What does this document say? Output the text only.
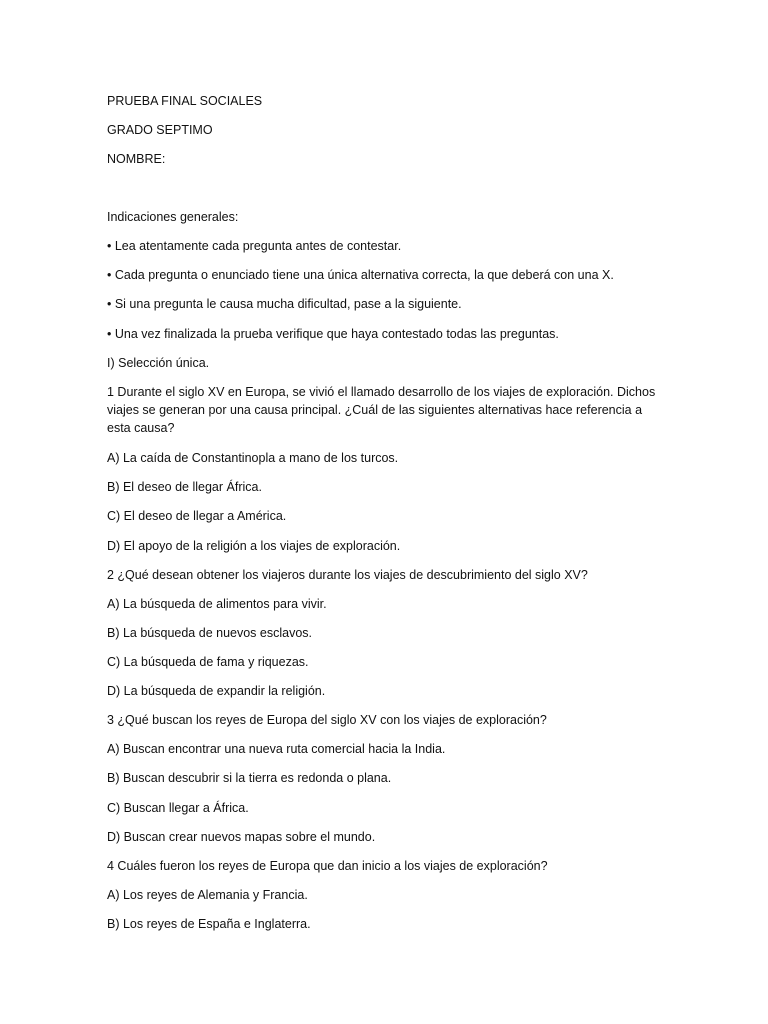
PRUEBA FINAL SOCIALES
GRADO SEPTIMO
NOMBRE:
Indicaciones generales:
• Lea atentamente cada pregunta antes de contestar.
• Cada pregunta o enunciado tiene una única alternativa correcta, la que deberá con una X.
• Si una pregunta le causa mucha dificultad, pase a la siguiente.
• Una vez finalizada la prueba verifique que haya contestado todas las preguntas.
I) Selección única.
1 Durante el siglo XV en Europa, se vivió el llamado desarrollo de los viajes de exploración. Dichos viajes se generan por una causa principal. ¿Cuál de las siguientes alternativas hace referencia a esta causa?
A) La caída de Constantinopla a mano de los turcos.
B) El deseo de llegar África.
C) El deseo de llegar a América.
D) El apoyo de la religión a los viajes de exploración.
2 ¿Qué desean obtener los viajeros durante los viajes de descubrimiento del siglo XV?
A) La búsqueda de alimentos para vivir.
B) La búsqueda de nuevos esclavos.
C) La búsqueda de fama y riquezas.
D) La búsqueda de expandir la religión.
3 ¿Qué buscan los reyes de Europa del siglo XV con los viajes de exploración?
A) Buscan encontrar una nueva ruta comercial hacia la India.
B) Buscan descubrir si la tierra es redonda o plana.
C) Buscan llegar a África.
D) Buscan crear nuevos mapas sobre el mundo.
4 Cuáles fueron los reyes de Europa que dan inicio a los viajes de exploración?
A) Los reyes de Alemania y Francia.
B) Los reyes de España e Inglaterra.
